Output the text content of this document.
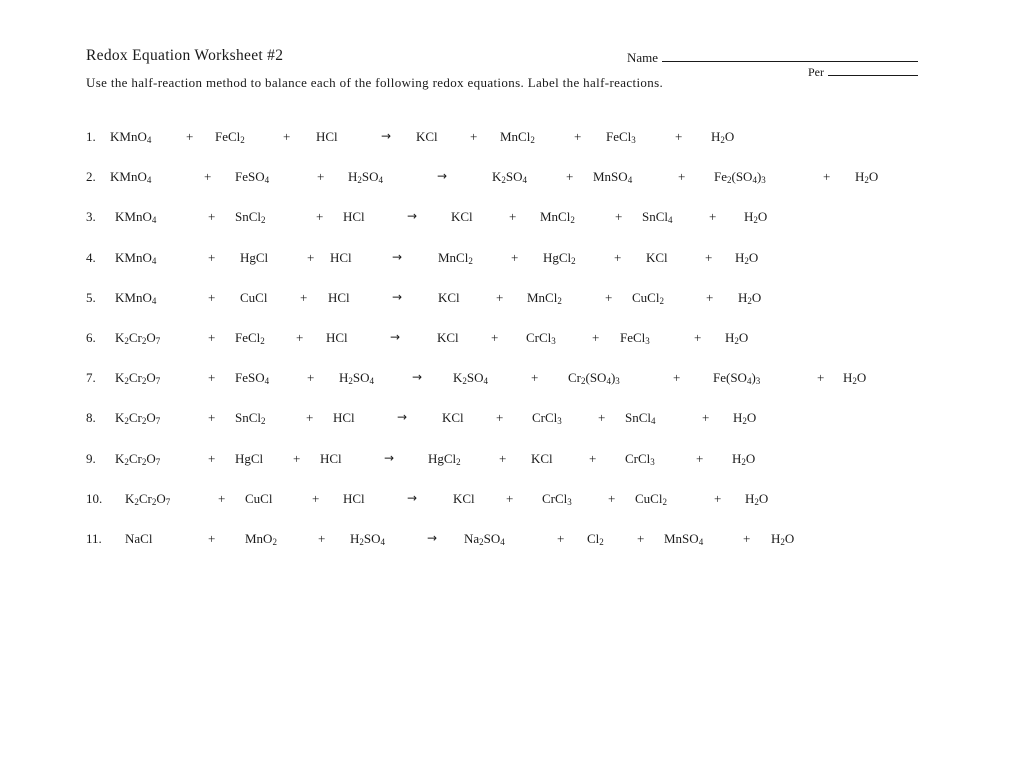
Redox Equation Worksheet #2	Name
Per
Use the half-reaction method to balance each of the following redox equations. Label the half-reactions.
1. KMnO$_4$	+ FeCl$_2$	+ HCl	→ KCl + MnCl$_2$	+ FeCl$_3$	+ $H_2O$
2. KMnO$_4$	+ FeSO$_4$	+ $H_2SO_4$	→	$K_2SO_4$	+ MnSO$_4$	+ $Fe_2(SO_4)_3$	+ $H_2O$
3. KMnO$_4$	+ SnCl$_2$	+ HCl	→	KCl	+ MnCl$_2$	+ SnCl$_4$	+ $H_2O$
4. KMnO$_4$	+ HgCl	+ HCl	→	MnCl$_2$	+ HgCl$_2$	+ KCl	+ $H_2O$
5. KMnO$_4$	+ CuCl	+ HCl	→	KCl	+ MnCl$_2$	+ CuCl$_2$	+ $H_2O$
6. $K_2Cr_2O_7$	+ FeCl$_2$ + HCl	→	KCl + CrCl$_3$	+ FeCl$_3$	+ $H_2O$
7. $K_2Cr_2O_7$	+ FeSO$_4$	+ $H_2SO_4$	→ $K_2SO_4$	+ $Cr_2(SO_4)_3$	+	$Fe(SO_4)_3$	+ $H_2O$
8. $K_2Cr_2O_7$	+ SnCl$_2$	+ HCl	→	KCl + CrCl$_3$	+ SnCl$_4$	+ $H_2O$
9. $K_2Cr_2O_7$	+ HgCl + HCl	→	HgCl$_2$	+ KCl	+ CrCl$_3$	+ $H_2O$
10. $K_2Cr_2O_7$	+ CuCl	+ HCl	→	KCl + CrCl$_3$	+ CuCl$_2$	+ $H_2O$
11. NaCl	+ MnO$_2$	+ $H_2SO_4$	→ $Na_2SO_4$	+ $Cl_2$	+ MnSO$_4$	+ $H_2O$
